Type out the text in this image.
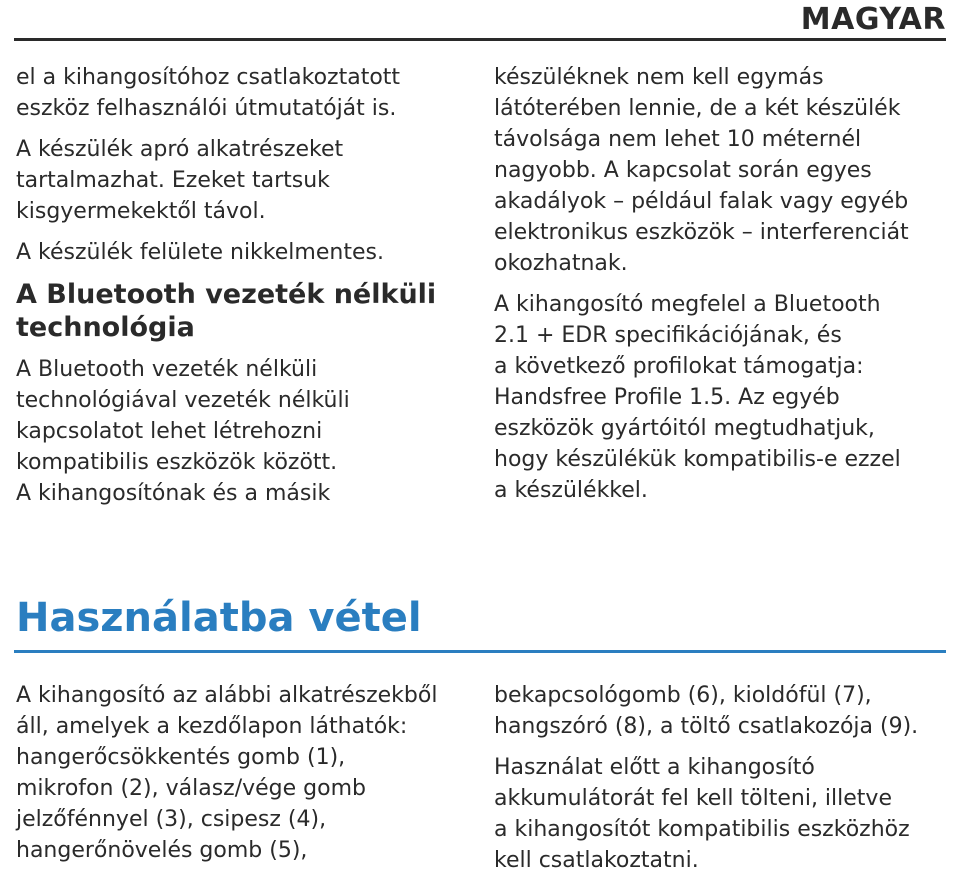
MAGYAR

el a kihangosítóhoz csatlakoztatott
eszköz felhasználói útmutatóját is.

A készülék apró alkatrészeket
tartalmazhat. Ezeket tartsuk
kisgyermekektől távol.

A készülék felülete nikkelmentes.

A Bluetooth vezeték nélküli
technológia

A Bluetooth vezeték nélküli
technológiával vezeték nélküli
kapcsolatot lehet létrehozni
kompatibilis eszközök között.
A kihangosítónak és a másik

készüléknek nem kell egymás
látóterében lennie, de a két készülék
távolsága nem lehet 10 méternél
nagyobb. A kapcsolat során egyes
akadályok – például falak vagy egyéb
elektronikus eszközök – interferenciát
okozhatnak.

A kihangosító megfelel a Bluetooth
2.1 + EDR specifikációjának, és
a következő profilokat támogatja:
Handsfree Profile 1.5. Az egyéb
eszközök gyártóitól megtudhatjuk,
hogy készülékük kompatibilis-e ezzel
a készülékkel.

Használatba vétel

A kihangosító az alábbi alkatrészekből
áll, amelyek a kezdőlapon láthatók:
hangerőcsökkentés gomb (1),
mikrofon (2), válasz/vége gomb
jelzőfénnyel (3), csipesz (4),
hangerőnövelés gomb (5),

bekapcsológomb (6), kioldófül (7),
hangszóró (8), a töltő csatlakozója (9).

Használat előtt a kihangosító
akkumulátorát fel kell tölteni, illetve
a kihangosítót kompatibilis eszközhöz
kell csatlakoztatni.
